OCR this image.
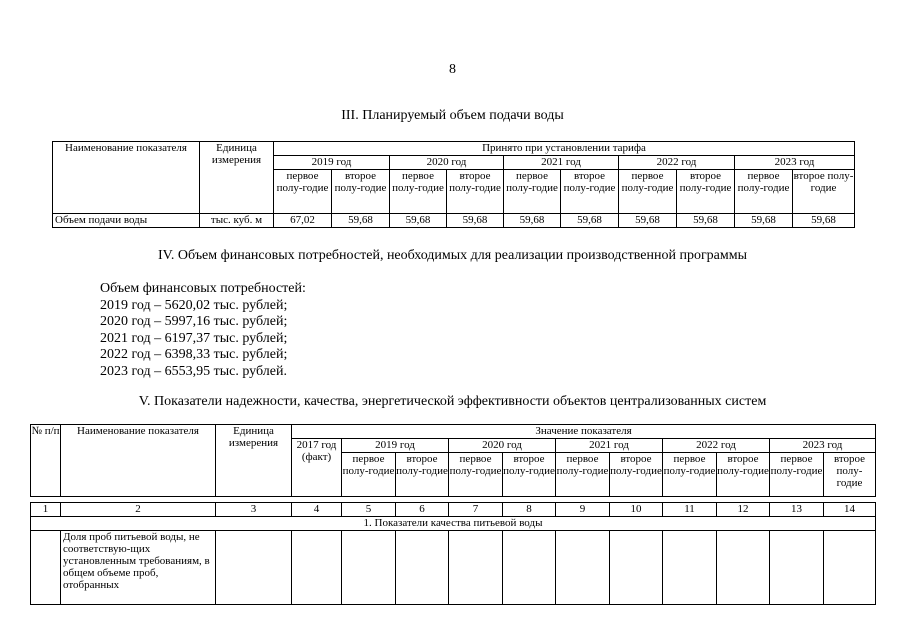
8
III. Планируемый объем подачи воды
Наименование показателя	Единица измерения	Принято при установлении тарифа									
		2019 год		2020 год		2021 год		2022 год		2023 год	
		первое полу-годие	второе полу-годие	первое полу-годие	второе полу-годие	первое полу-годие	второе полу-годие	первое полу-годие	второе полу-годие	первое полу-годие	второе полу-годие
Объем подачи воды	тыс. куб. м	67,02	59,68	59,68	59,68	59,68	59,68	59,68	59,68	59,68	59,68
IV. Объем финансовых потребностей, необходимых для реализации производственной программы
Объем финансовых потребностей:
2019 год – 5620,02 тыс. рублей;
2020 год – 5997,16 тыс. рублей;
2021 год – 6197,37 тыс. рублей;
2022 год – 6398,33 тыс. рублей;
2023 год – 6553,95 тыс. рублей.
V. Показатели надежности, качества, энергетической эффективности объектов централизованных систем
№ п/п	Наименование показателя	Единица измерения	Значение показателя										
			2017 год (факт)	2019 год		2020 год		2021 год		2022 год		2023 год	
				первое полу-годие	второе полу-годие	первое полу-годие	второе полу-годие	первое полу-годие	второе полу-годие	первое полу-годие	второе полу-годие	первое полу-годие	второе полу-годие

1	2	3	4	5	6	7	8	9	10	11	12	13	14
1. Показатели качества питьевой воды													
	Доля проб питьевой воды, не соответствую-щих установленным требованиям, в общем объеме проб, отобранных												
